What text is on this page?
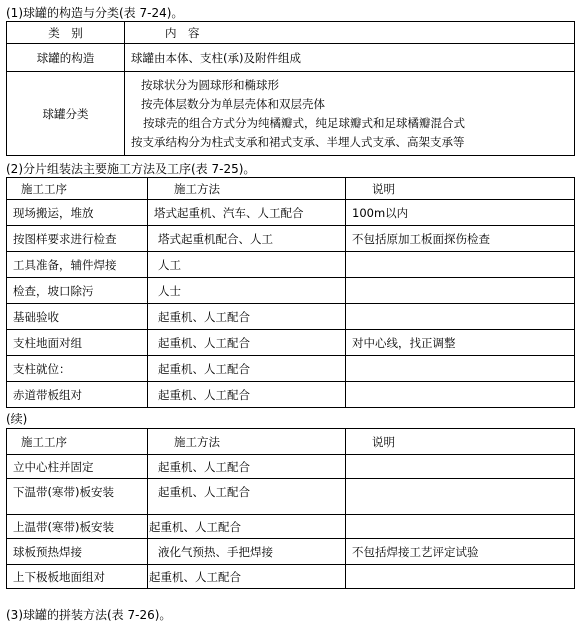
(1)球罐的构造与分类(表 7-24)。
类　别	内　容
球罐的构造	球罐由本体、支柱(承)及附件组成
球罐分类	按球状分为圆球形和椭球形
按壳体层数分为单层壳体和双层壳体
按球壳的组合方式分为纯橘瓣式，纯足球瓣式和足球橘瓣混合式
按支承结构分为柱式支承和裙式支承、半埋人式支承、高架支承等
(2)分片组装法主要施工方法及工序(表 7-25)。
施工工序	施工方法	说明
现场搬运，堆放	塔式起重机、汽车、人工配合	100m以内
按图样要求进行检查	塔式起重机配合、人工	不包括原加工板面探伤检查
工具准备，辅件焊接	人工	
检查，坡口除污	人士	
基础验收	起重机、人工配合	
支柱地面对组	起重机、人工配合	对中心线，找正调整
支柱就位：	起重机、人工配合	
赤道带板组对	起重机、人工配合	
(续)
施工工序	施工方法	说明
立中心柱并固定	起重机、人工配合	
下温带(寒带)板安装	起重机、人工配合	
上温带(寒带)板安装	起重机、人工配合	
球板预热焊接	液化气预热、手把焊接	不包括焊接工艺评定试验
上下极板地面组对	起重机、人工配合	
(3)球罐的拼装方法(表 7-26)。
